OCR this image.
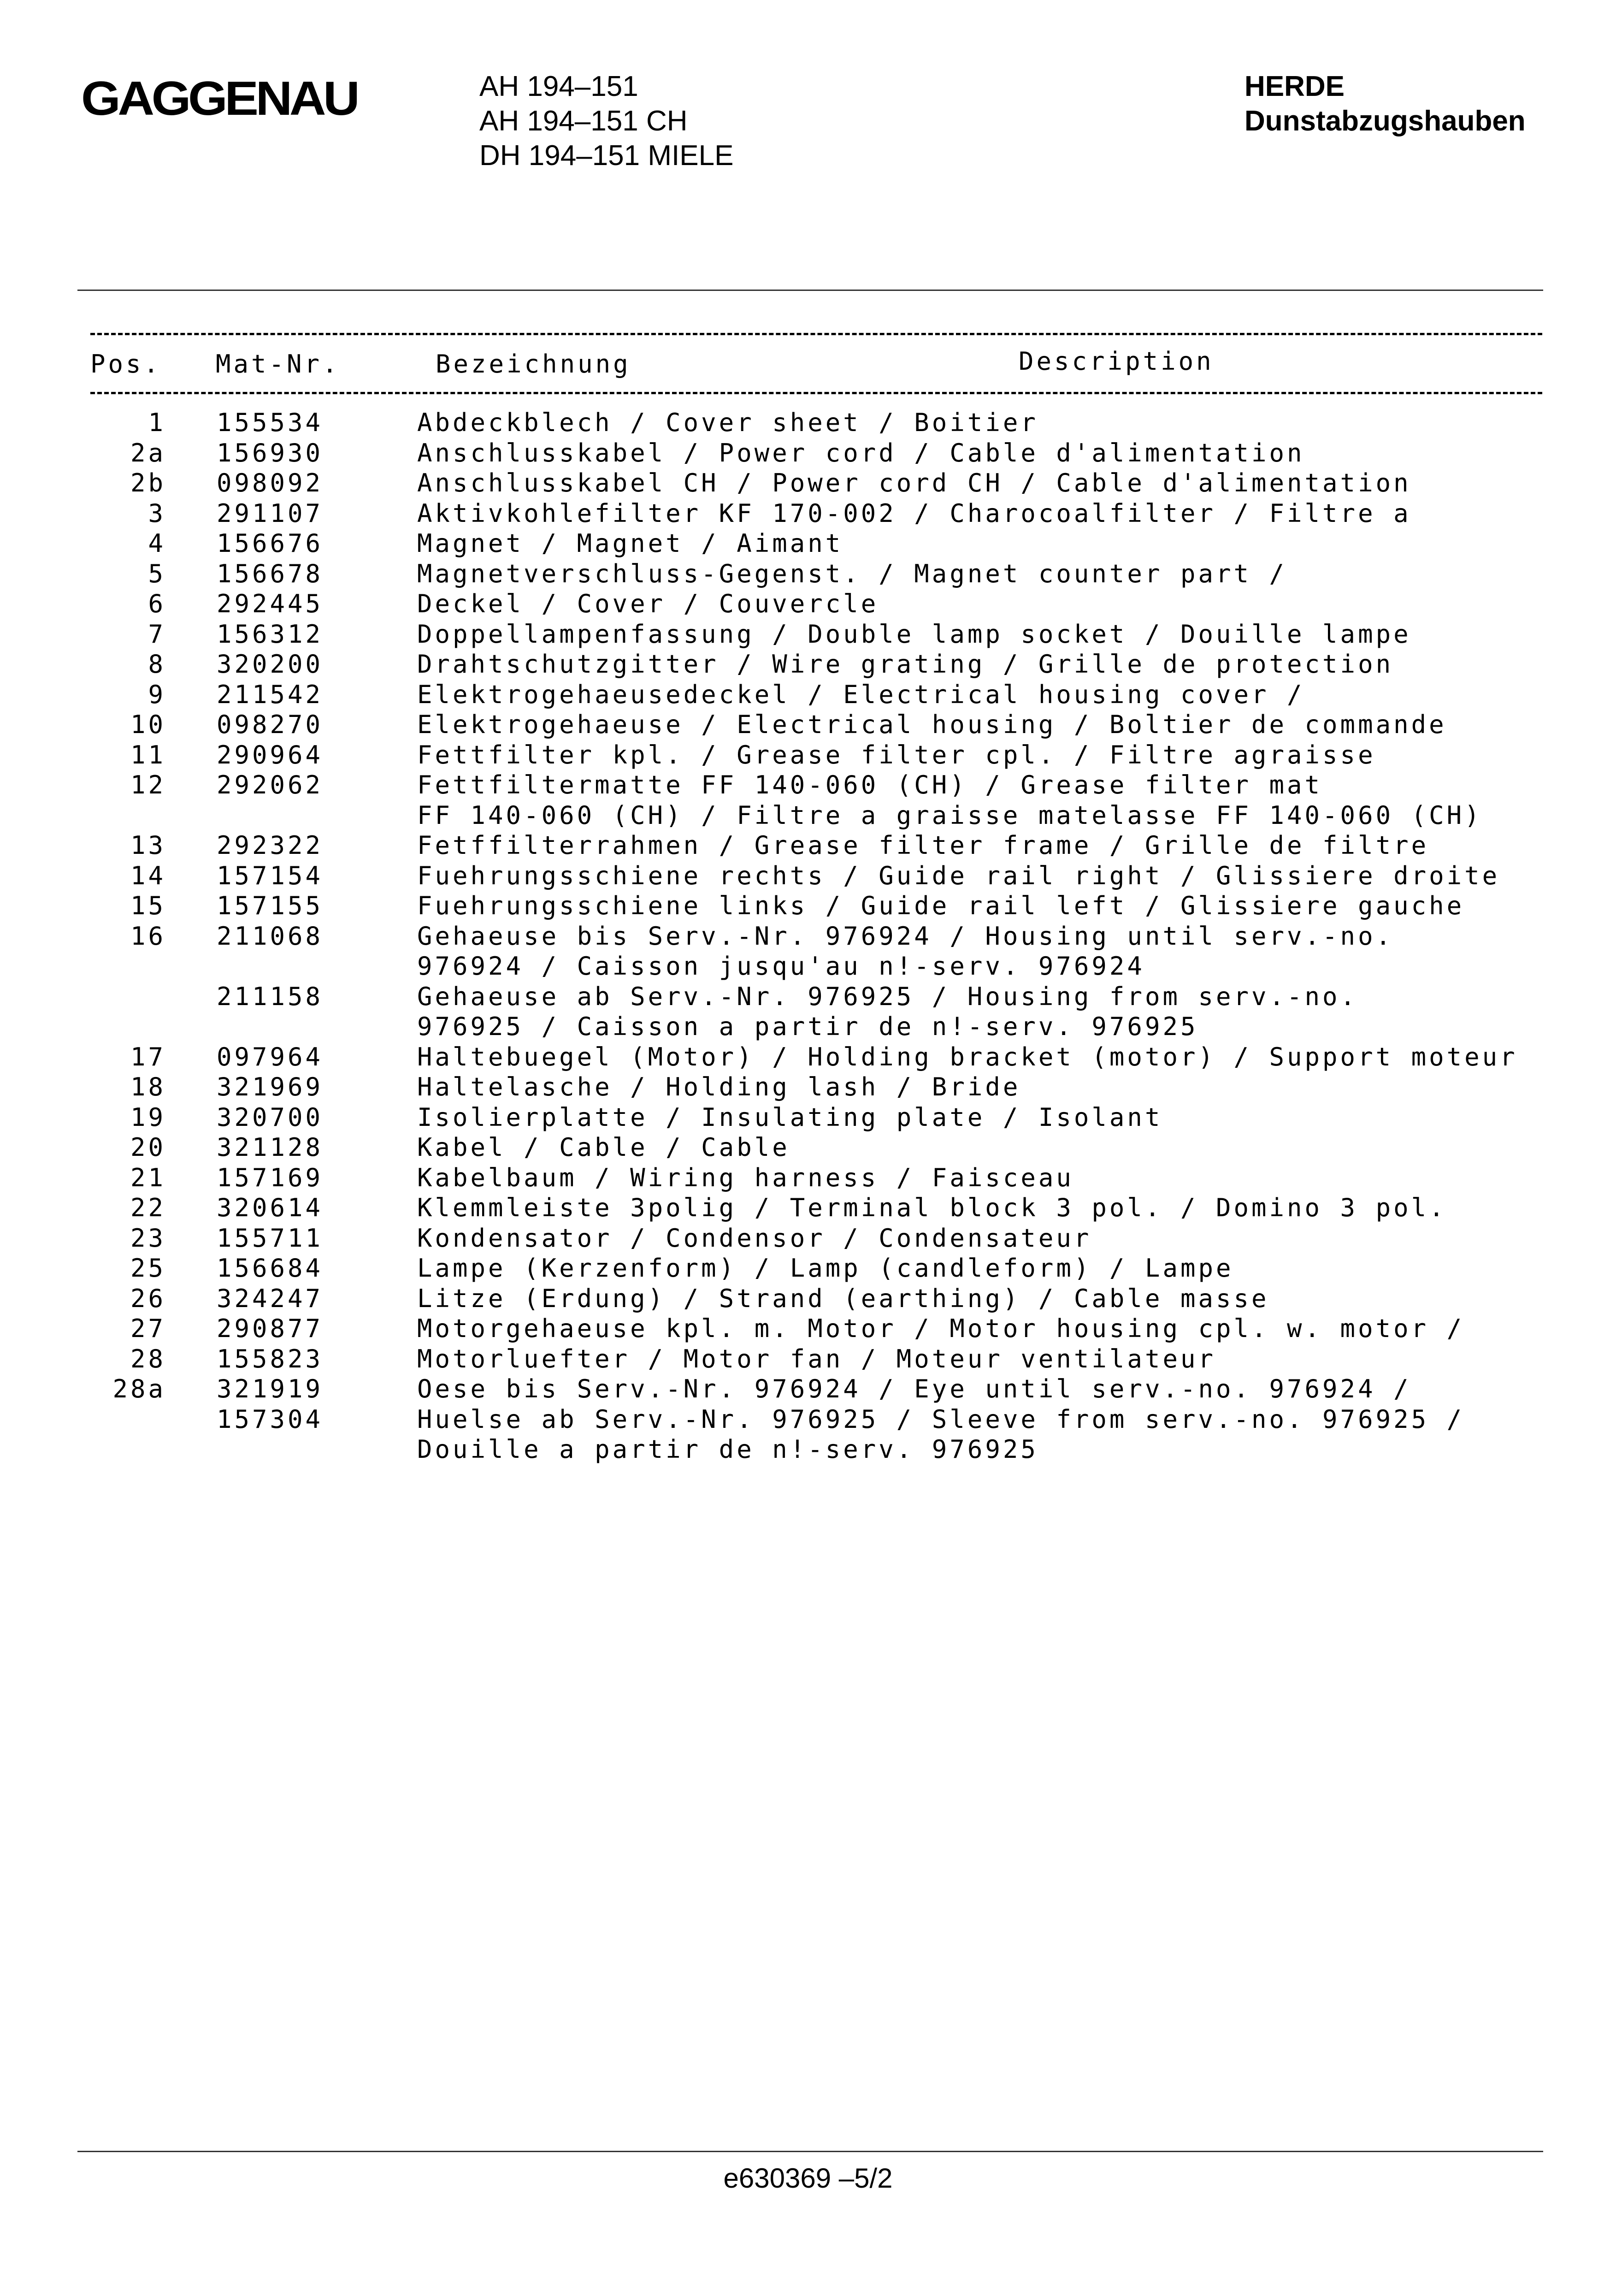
GAGGENAU	AH 194–151
AH 194–151 CH
DH 194–151 MIELE
HERDE
Dunstabzugshauben
Pos. Mat-Nr.	Bezeichnung	Description
1 155534	Abdeckblech / Cover sheet / Boitier
2a 156930	Anschlusskabel / Power cord / Cable d'alimentation
2b 098092	Anschlusskabel CH / Power cord CH / Cable d'alimentation
3 291107	Aktivkohlefilter KF 170-002 / Charocoalfilter / Filtre a
4 156676	Magnet / Magnet / Aimant
5 156678	Magnetverschluss-Gegenst. / Magnet counter part /
6 292445	Deckel / Cover / Couvercle
7 156312	Doppellampenfassung / Double lamp socket / Douille lampe
8 320200	Drahtschutzgitter / Wire grating / Grille de protection
9 211542	Elektrogehaeusedeckel / Electrical housing cover /
10 098270	Elektrogehaeuse / Electrical housing / Boltier de commande
11 290964	Fettfilter kpl. / Grease filter cpl. / Filtre agraisse
12 292062	Fettfiltermatte FF 140-060 (CH) / Grease filter mat
FF 140-060 (CH) / Filtre a graisse matelasse FF 140-060 (CH)
13 292322	Fetffilterrahmen / Grease filter frame / Grille de filtre
14 157154	Fuehrungsschiene rechts / Guide rail right / Glissiere droite
15 157155	Fuehrungsschiene links / Guide rail left / Glissiere gauche
16 211068	Gehaeuse bis Serv.-Nr. 976924 / Housing until serv.-no.
976924 / Caisson jusqu'au n!-serv. 976924
211158	Gehaeuse ab Serv.-Nr. 976925 / Housing from serv.-no.
976925 / Caisson a partir de n!-serv. 976925
17 097964	Haltebuegel (Motor) / Holding bracket (motor) / Support moteur
18 321969	Haltelasche / Holding lash / Bride
19 320700	Isolierplatte / Insulating plate / Isolant
20 321128	Kabel / Cable / Cable
21 157169	Kabelbaum / Wiring harness / Faisceau
22 320614	Klemmleiste 3polig / Terminal block 3 pol. / Domino 3 pol.
23 155711	Kondensator / Condensor / Condensateur
25 156684	Lampe (Kerzenform) / Lamp (candleform) / Lampe
26 324247	Litze (Erdung) / Strand (earthing) / Cable masse
27 290877	Motorgehaeuse kpl. m. Motor / Motor housing cpl. w. motor /
28 155823	Motorluefter / Motor fan / Moteur ventilateur
28a 321919	Oese bis Serv.-Nr. 976924 / Eye until serv.-no. 976924 /
157304	Huelse ab Serv.-Nr. 976925 / Sleeve from serv.-no. 976925 /
Douille a partir de n!-serv. 976925
e630369 –5/2
